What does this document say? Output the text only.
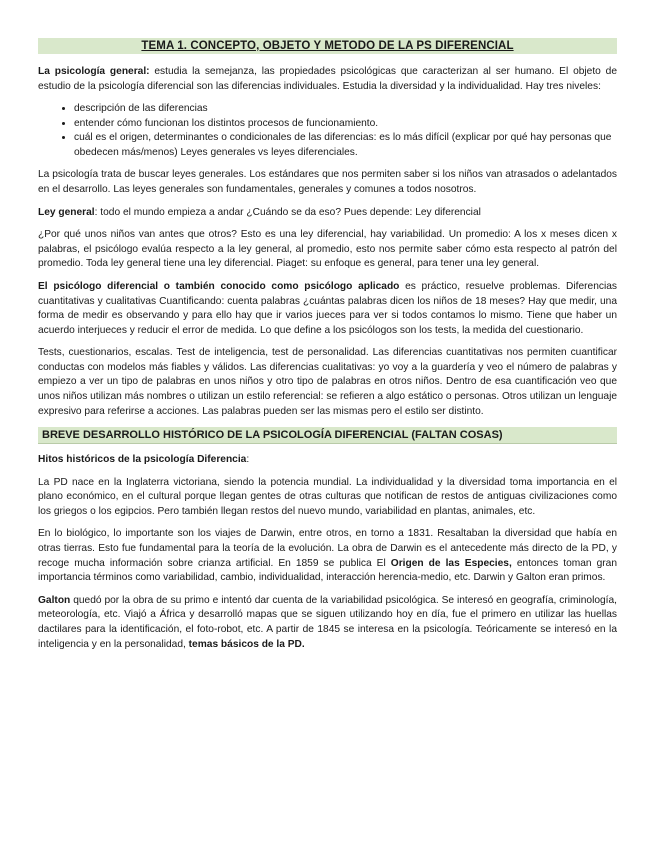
TEMA 1. CONCEPTO, OBJETO Y METODO DE LA PS DIFERENCIAL

La psicología general: estudia la semejanza, las propiedades psicológicas que caracterizan al ser humano. El objeto de estudio de la psicología diferencial son las diferencias individuales. Estudia la diversidad y la individualidad. Hay tres niveles:

• descripción de las diferencias
• entender cómo funcionan los distintos procesos de funcionamiento.
• cuál es el origen, determinantes o condicionales de las diferencias: es lo más difícil (explicar por qué hay personas que obedecen más/menos) Leyes generales vs leyes diferenciales.

La psicología trata de buscar leyes generales. Los estándares que nos permiten saber si los niños van atrasados o adelantados en el desarrollo. Las leyes generales son fundamentales, generales y comunes a todos nosotros.

Ley general: todo el mundo empieza a andar ¿Cuándo se da eso? Pues depende: Ley diferencial

¿Por qué unos niños van antes que otros? Esto es una ley diferencial, hay variabilidad. Un promedio: A los x meses dicen x palabras, el psicólogo evalúa respecto a la ley general, al promedio, esto nos permite saber cómo esta respecto al patrón del promedio. Toda ley general tiene una ley diferencial. Piaget: su enfoque es general, para tener una ley general.

El psicólogo diferencial o también conocido como psicólogo aplicado es práctico, resuelve problemas. Diferencias cuantitativas y cualitativas Cuantificando: cuenta palabras ¿cuántas palabras dicen los niños de 18 meses? Hay que medir, una forma de medir es observando y para ello hay que ir varios jueces para ver si todos contamos lo mismo. Tiene que haber un acuerdo interjueces y reducir el error de medida. Lo que define a los psicólogos son los tests, la medida del cuestionario.

Tests, cuestionarios, escalas. Test de inteligencia, test de personalidad. Las diferencias cuantitativas nos permiten cuantificar conductas con modelos más fiables y válidos. Las diferencias cualitativas: yo voy a la guardería y veo el número de palabras y empiezo a ver un tipo de palabras en unos niños y otro tipo de palabras en otros niños. Dentro de esa cuantificación veo que unos niños utilizan más nombres o utilizan un estilo referencial: se refieren a algo estático o personas. Otros utilizan un lenguaje expresivo para referirse a acciones. Las palabras pueden ser las mismas pero el estilo ser distinto.

BREVE DESARROLLO HISTÓRICO DE LA PSICOLOGÍA DIFERENCIAL (FALTAN COSAS)

Hitos históricos de la psicología Diferencia:

La PD nace en la Inglaterra victoriana, siendo la potencia mundial. La individualidad y la diversidad toma importancia en el plano económico, en el cultural porque llegan gentes de otras culturas que notifican de restos de antiguas civilizaciones como los griegos o los egipcios. Pero también llegan restos del nuevo mundo, variabilidad en plantas, animales, etc.

En lo biológico, lo importante son los viajes de Darwin, entre otros, en torno a 1831. Resaltaban la diversidad que había en otras tierras. Esto fue fundamental para la teoría de la evolución. La obra de Darwin es el antecedente más directo de la PD, y recoge mucha información sobre crianza artificial. En 1859 se publica El Origen de las Especies, entonces toman gran importancia términos como variabilidad, cambio, individualidad, interacción herencia-medio, etc. Darwin y Galton eran primos.

Galton quedó por la obra de su primo e intentó dar cuenta de la variabilidad psicológica. Se interesó en geografía, criminología, meteorología, etc. Viajó a África y desarrolló mapas que se siguen utilizando hoy en día, fue el primero en utilizar las huellas dactilares para la identificación, el foto-robot, etc. A partir de 1845 se interesa en la psicología. Teóricamente se interesó en la inteligencia y en la personalidad, temas básicos de la PD.
